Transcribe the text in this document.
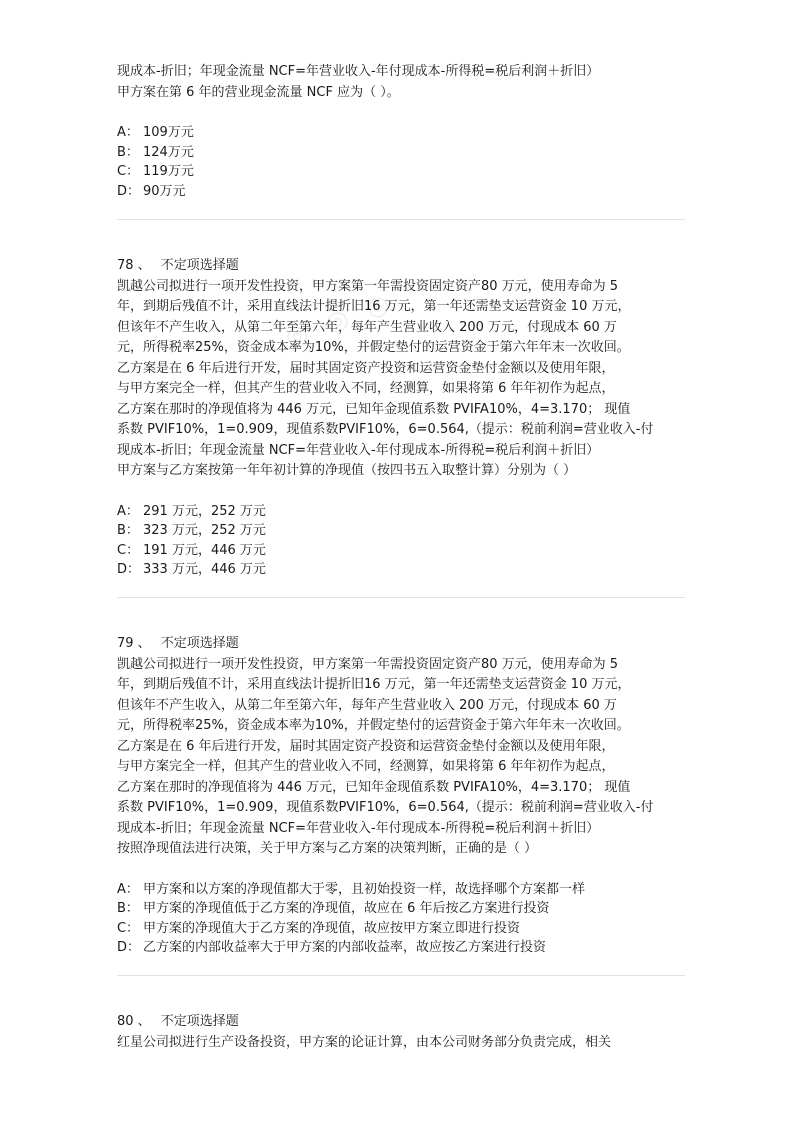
◎ ◎ ◎
现成本-折旧；年现金流量 NCF=年营业收入-年付现成本-所得税=税后利润＋折旧）
甲方案在第 6 年的营业现金流量 NCF 应为（ ）。
A： 109万元
B： 124万元
C： 119万元
D： 90万元
78 、 不定项选择题
凯越公司拟进行一项开发性投资，甲方案第一年需投资固定资产80 万元，使用寿命为 5
年，到期后残值不计，采用直线法计提折旧16 万元，第一年还需垫支运营资金 10 万元，
但该年不产生收入，从第二年至第六年，每年产生营业收入 200 万元，付现成本 60 万
元，所得税率25%，资金成本率为10%，并假定垫付的运营资金于第六年年末一次收回。
乙方案是在 6 年后进行开发，届时其固定资产投资和运营资金垫付金额以及使用年限，
与甲方案完全一样，但其产生的营业收入不同，经测算，如果将第 6 年年初作为起点，
乙方案在那时的净现值将为 446 万元，已知年金现值系数 PVIFA10%，4=3.170； 现值
系数 PVIF10%，1=0.909，现值系数PVIF10%，6=0.564,（提示：税前利润=营业收入-付
现成本-折旧；年现金流量 NCF=年营业收入-年付现成本-所得税=税后利润＋折旧）
甲方案与乙方案按第一年年初计算的净现值（按四书五入取整计算）分别为（ ）
A： 291 万元，252 万元
B： 323 万元，252 万元
C： 191 万元，446 万元
D： 333 万元，446 万元
79 、 不定项选择题
凯越公司拟进行一项开发性投资，甲方案第一年需投资固定资产80 万元，使用寿命为 5
年，到期后残值不计，采用直线法计提折旧16 万元，第一年还需垫支运营资金 10 万元，
但该年不产生收入，从第二年至第六年，每年产生营业收入 200 万元，付现成本 60 万
元，所得税率25%，资金成本率为10%，并假定垫付的运营资金于第六年年末一次收回。
乙方案是在 6 年后进行开发，届时其固定资产投资和运营资金垫付金额以及使用年限，
与甲方案完全一样，但其产生的营业收入不同，经测算，如果将第 6 年年初作为起点，
乙方案在那时的净现值将为 446 万元，已知年金现值系数 PVIFA10%，4=3.170； 现值
系数 PVIF10%，1=0.909，现值系数PVIF10%，6=0.564,（提示：税前利润=营业收入-付
现成本-折旧；年现金流量 NCF=年营业收入-年付现成本-所得税=税后利润＋折旧）
按照净现值法进行决策，关于甲方案与乙方案的决策判断，正确的是（ ）
A： 甲方案和以方案的净现值都大于零，且初始投资一样，故选择哪个方案都一样
B： 甲方案的净现值低于乙方案的净现值，故应在 6 年后按乙方案进行投资
C： 甲方案的净现值大于乙方案的净现值，故应按甲方案立即进行投资
D： 乙方案的内部收益率大于甲方案的内部收益率，故应按乙方案进行投资
80 、 不定项选择题
红星公司拟进行生产设备投资，甲方案的论证计算，由本公司财务部分负责完成，相关
